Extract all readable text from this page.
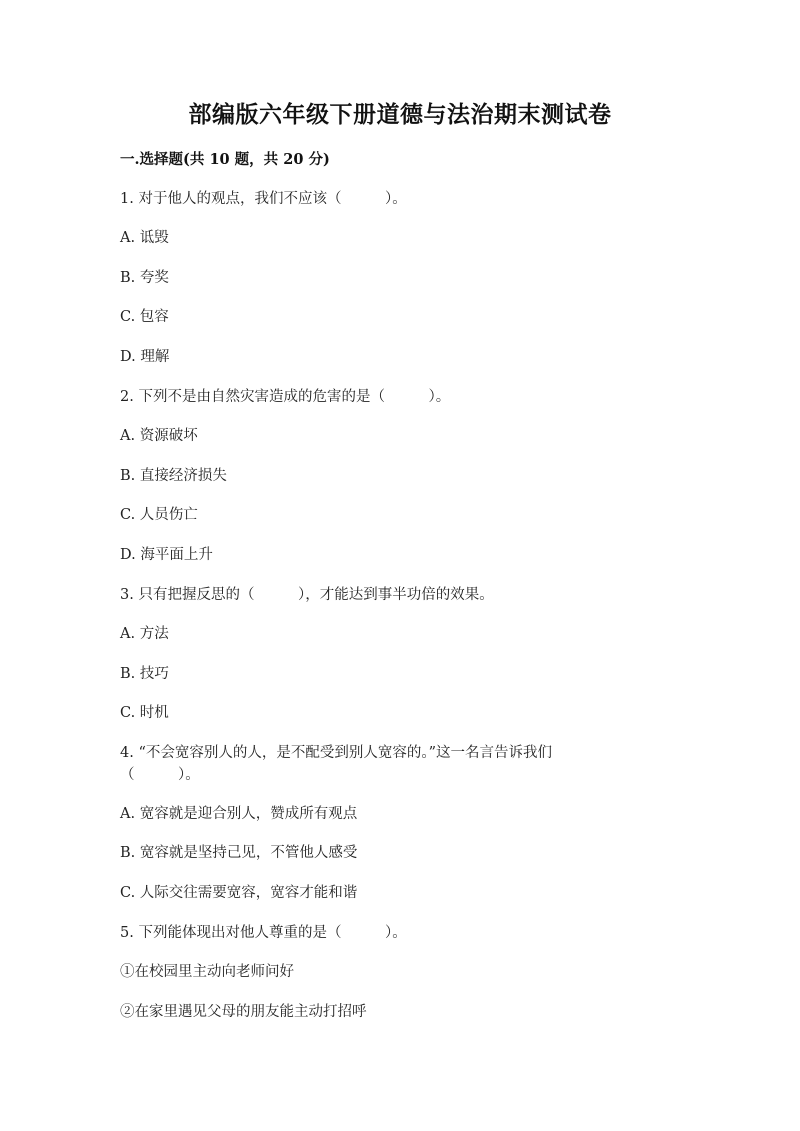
部编版六年级下册道德与法治期末测试卷
一.选择题(共 10 题，共 20 分)
1. 对于他人的观点，我们不应该（　　　）。
A. 诋毁
B. 夸奖
C. 包容
D. 理解
2. 下列不是由自然灾害造成的危害的是（　　　）。
A. 资源破坏
B. 直接经济损失
C. 人员伤亡
D. 海平面上升
3. 只有把握反思的（　　　），才能达到事半功倍的效果。
A. 方法
B. 技巧
C. 时机
4. “不会宽容别人的人，是不配受到别人宽容的。”这一名言告诉我们
（　　　）。
A. 宽容就是迎合别人，赞成所有观点
B. 宽容就是坚持己见，不管他人感受
C. 人际交往需要宽容，宽容才能和谐
5. 下列能体现出对他人尊重的是（　　　）。
①在校园里主动向老师问好
②在家里遇见父母的朋友能主动打招呼
